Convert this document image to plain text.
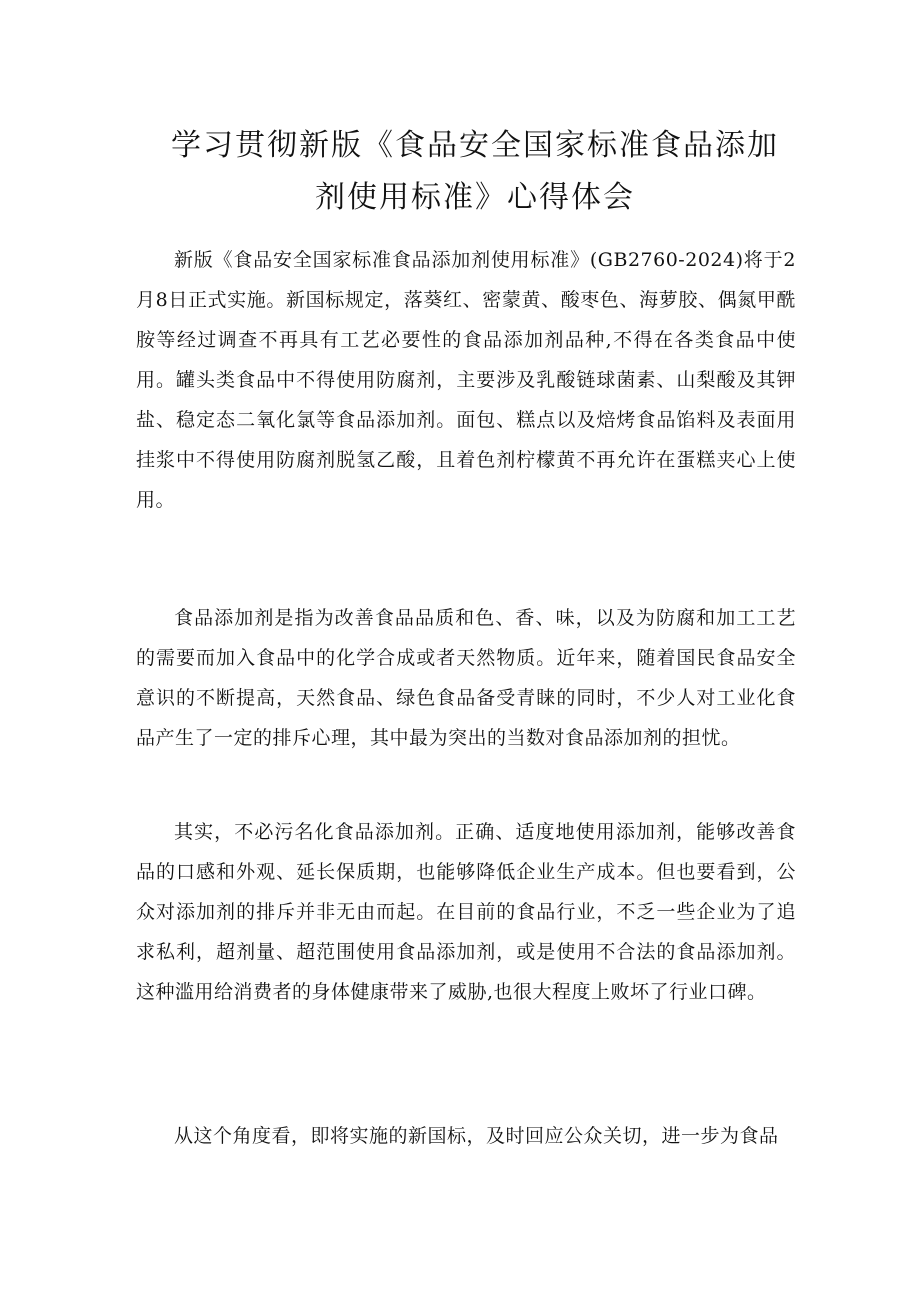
学习贯彻新版《食品安全国家标准食品添加剂使用标准》心得体会

新版《食品安全国家标准食品添加剂使用标准》(GB2760-2024)将于2月8日正式实施。新国标规定，落葵红、密蒙黄、酸枣色、海萝胶、偶氮甲酰胺等经过调查不再具有工艺必要性的食品添加剂品种,不得在各类食品中使用。罐头类食品中不得使用防腐剂，主要涉及乳酸链球菌素、山梨酸及其钾盐、稳定态二氧化氯等食品添加剂。面包、糕点以及焙烤食品馅料及表面用挂浆中不得使用防腐剂脱氢乙酸，且着色剂柠檬黄不再允许在蛋糕夹心上使用。

食品添加剂是指为改善食品品质和色、香、味，以及为防腐和加工工艺的需要而加入食品中的化学合成或者天然物质。近年来，随着国民食品安全意识的不断提高，天然食品、绿色食品备受青睐的同时，不少人对工业化食品产生了一定的排斥心理，其中最为突出的当数对食品添加剂的担忧。

其实，不必污名化食品添加剂。正确、适度地使用添加剂，能够改善食品的口感和外观、延长保质期，也能够降低企业生产成本。但也要看到，公众对添加剂的排斥并非无由而起。在目前的食品行业，不乏一些企业为了追求私利，超剂量、超范围使用食品添加剂，或是使用不合法的食品添加剂。这种滥用给消费者的身体健康带来了威胁,也很大程度上败坏了行业口碑。

从这个角度看，即将实施的新国标，及时回应公众关切，进一步为食品
